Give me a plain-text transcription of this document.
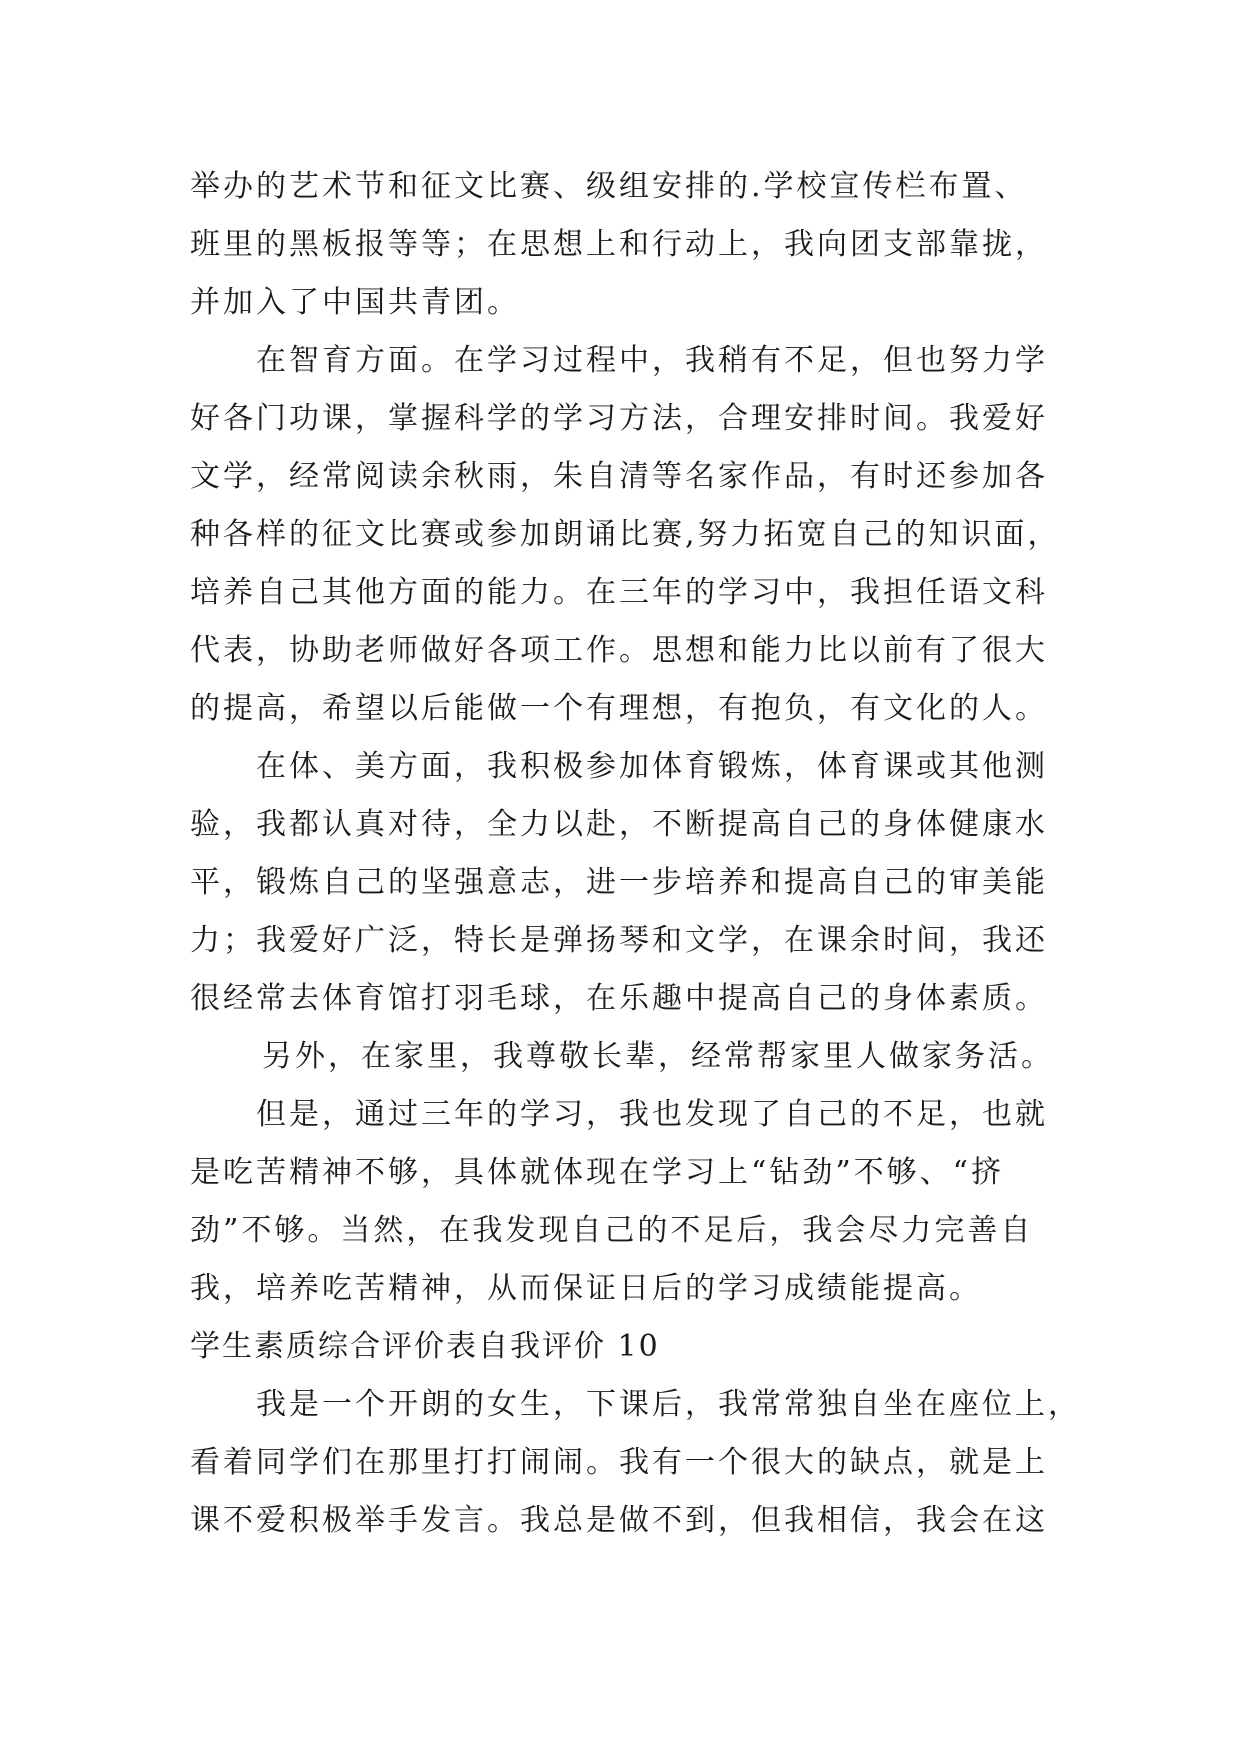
举办的艺术节和征文比赛、级组安排的.学校宣传栏布置、
班里的黑板报等等；在思想上和行动上，我向团支部靠拢，
并加入了中国共青团。
在智育方面。在学习过程中，我稍有不足，但也努力学
好各门功课，掌握科学的学习方法，合理安排时间。我爱好
文学，经常阅读余秋雨，朱自清等名家作品，有时还参加各
种各样的征文比赛或参加朗诵比赛,努力拓宽自己的知识面，
培养自己其他方面的能力。在三年的学习中，我担任语文科
代表，协助老师做好各项工作。思想和能力比以前有了很大
的提高，希望以后能做一个有理想，有抱负，有文化的人。
在体、美方面，我积极参加体育锻炼，体育课或其他测
验，我都认真对待，全力以赴，不断提高自己的身体健康水
平，锻炼自己的坚强意志，进一步培养和提高自己的审美能
力；我爱好广泛，特长是弹扬琴和文学，在课余时间，我还
很经常去体育馆打羽毛球，在乐趣中提高自己的身体素质。
另外，在家里，我尊敬长辈，经常帮家里人做家务活。
但是，通过三年的学习，我也发现了自己的不足，也就
是吃苦精神不够，具体就体现在学习上“钻劲”不够、“挤
劲”不够。当然，在我发现自己的不足后，我会尽力完善自
我，培养吃苦精神，从而保证日后的学习成绩能提高。
学生素质综合评价表自我评价 10
我是一个开朗的女生，下课后，我常常独自坐在座位上，
看着同学们在那里打打闹闹。我有一个很大的缺点，就是上
课不爱积极举手发言。我总是做不到，但我相信，我会在这
